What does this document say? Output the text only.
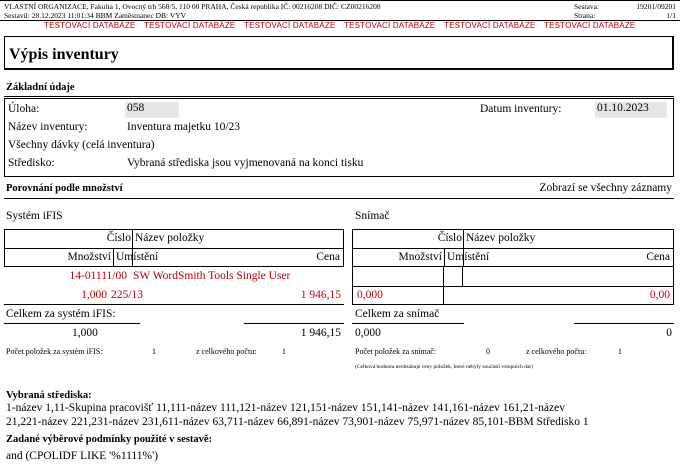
VLASTNÍ ORGANIZACE, Fakulta 1, Ovocný trh 560/5, 110 00 PRAHA, Česká republika IČ: 00216208 DIČ: CZ00216208
Sestavil: 28.12.2023 11:01:34 BBM Zaměstnanec DB: VYV
Sestava:	19201/09201
Strana:	1/1
TESTOVACÍ DATABÁZE TESTOVACÍ DATABÁZE TESTOVACÍ DATABÁZE TESTOVACÍ DATABÁZE TESTOVACÍ DATABÁZE TESTOVACÍ DATABÁZE
Výpis inventury
Základní údaje
Úloha:	058	Datum inventury:	01.10.2023
Název inventury:	Inventura majetku 10/23
Všechny dávky (celá inventura)
Středisko:	Vybraná střediska jsou vyjmenovaná na konci tisku
Porovnání podle množství	Zobrazí se všechny záznamy
Systém iFIS
Číslo Název položky
Množství Umístění	Cena
14-01111/00 SW WordSmith Tools Single User
1,000 225/13	1 946,15
Celkem za systém iFIS:
1,000	1 946,15
Počet položek za systém iFIS:	1	z celkového počtu:	1
Snímač
Číslo Název položky
Množství Umístění	Cena
0,000	0,00
Celkem za snímač
0,000	0
Počet položek za snímač:	0	z celkového počtu:	1
(Celková hodnota neobsahuje ceny položek, které nebyly součástí vstupních dat)
Vybraná střediska:
1-název 1,11-Skupina pracovišť 11,111-název 111,121-název 121,151-název 151,141-název 141,161-název 161,21-název
21,221-název 221,231-název 231,611-název 63,711-název 66,891-název 73,901-název 75,971-název 85,101-BBM Středisko 1
Zadané výběrové podmínky použité v sestavě:
and (CPOLIDF LIKE '%1111%')
